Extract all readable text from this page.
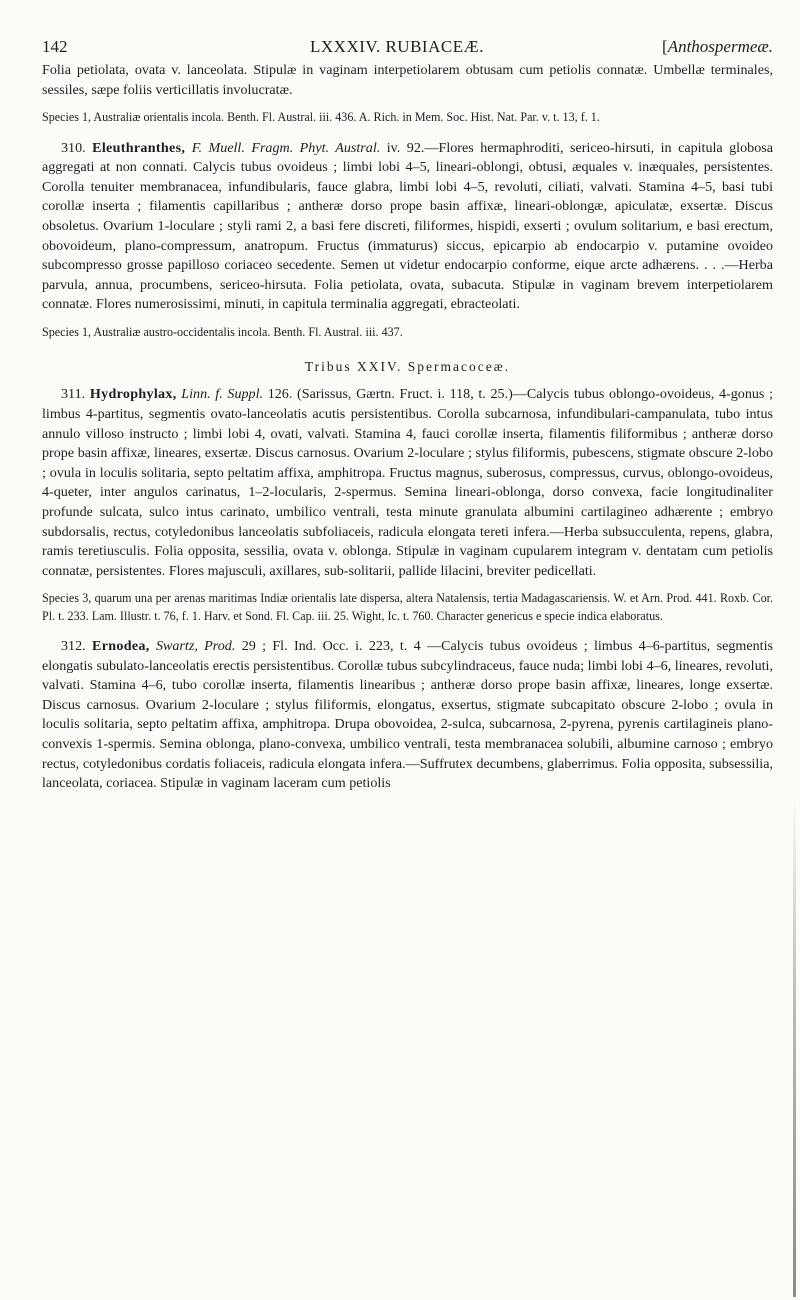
142	LXXXIV. RUBIACEÆ.	[Anthospermeæ.

Folia petiolata, ovata v. lanceolata. Stipulæ in vaginam interpetiolarem obtusam cum petiolis connatæ. Umbellæ terminales, sessiles, sæpe foliis verticillatis involucratæ.

Species 1, Australiæ orientalis incola. Benth. Fl. Austral. iii. 436. A. Rich. in Mem. Soc. Hist. Nat. Par. v. t. 13, f. 1.

310. Eleuthranthes, F. Muell. Fragm. Phyt. Austral. iv. 92.—Flores hermaphroditi, sericeo-hirsuti, in capitula globosa aggregati at non connati. Calycis tubus ovoideus ; limbi lobi 4–5, lineari-oblongi, obtusi, æquales v. inæquales, persistentes. Corolla tenuiter membranacea, infundibularis, fauce glabra, limbi lobi 4–5, revoluti, ciliati, valvati. Stamina 4–5, basi tubi corollæ inserta ; filamentis capillaribus ; antheræ dorso prope basin affixæ, lineari-oblongæ, apiculatæ, exsertæ. Discus obsoletus. Ovarium 1-loculare ; styli rami 2, a basi fere discreti, filiformes, hispidi, exserti ; ovulum solitarium, e basi erectum, obovoideum, plano-compressum, anatropum. Fructus (immaturus) siccus, epicarpio ab endocarpio v. putamine ovoideo subcompresso grosse papilloso coriaceo secedente. Semen ut videtur endocarpio conforme, eique arcte adhærens. . . .—Herba parvula, annua, procumbens, sericeo-hirsuta. Folia petiolata, ovata, subacuta. Stipulæ in vaginam brevem interpetiolarem connatæ. Flores numerosissimi, minuti, in capitula terminalia aggregati, ebracteolati.

Species 1, Australiæ austro-occidentalis incola. Benth. Fl. Austral. iii. 437.

Tribus XXIV. Spermacoceæ.

311. Hydrophylax, Linn. f. Suppl. 126. (Sarissus, Gærtn. Fruct. i. 118, t. 25.)—Calycis tubus oblongo-ovoideus, 4-gonus ; limbus 4-partitus, segmentis ovato-lanceolatis acutis persistentibus. Corolla subcarnosa, infundibulari-campanulata, tubo intus annulo villoso instructo ; limbi lobi 4, ovati, valvati. Stamina 4, fauci corollæ inserta, filamentis filiformibus ; antheræ dorso prope basin affixæ, lineares, exsertæ. Discus carnosus. Ovarium 2-loculare ; stylus filiformis, pubescens, stigmate obscure 2-lobo ; ovula in loculis solitaria, septo peltatim affixa, amphitropa. Fructus magnus, suberosus, compressus, curvus, oblongo-ovoideus, 4-queter, inter angulos carinatus, 1–2-locularis, 2-spermus. Semina lineari-oblonga, dorso convexa, facie longitudinaliter profunde sulcata, sulco intus carinato, umbilico ventrali, testa minute granulata albumini cartilagineo adhærente ; embryo subdorsalis, rectus, cotyledonibus lanceolatis subfoliaceis, radicula elongata tereti infera.—Herba subsucculenta, repens, glabra, ramis teretiusculis. Folia opposita, sessilia, ovata v. oblonga. Stipulæ in vaginam cupularem integram v. dentatam cum petiolis connatæ, persistentes. Flores majusculi, axillares, sub-solitarii, pallide lilacini, breviter pedicellati.

Species 3, quarum una per arenas maritimas Indiæ orientalis late dispersa, altera Natalensis, tertia Madagascariensis. W. et Arn. Prod. 441. Roxb. Cor. Pl. t. 233. Lam. Illustr. t. 76, f. 1. Harv. et Sond. Fl. Cap. iii. 25. Wight, Ic. t. 760. Character genericus e specie indica elaboratus.

312. Ernodea, Swartz, Prod. 29 ; Fl. Ind. Occ. i. 223, t. 4 —Calycis tubus ovoideus ; limbus 4–6-partitus, segmentis elongatis subulato-lanceolatis erectis persistentibus. Corollæ tubus subcylindraceus, fauce nuda; limbi lobi 4–6, lineares, revoluti, valvati. Stamina 4–6, tubo corollæ inserta, filamentis linearibus ; antheræ dorso prope basin affixæ, lineares, longe exsertæ. Discus carnosus. Ovarium 2-loculare ; stylus filiformis, elongatus, exsertus, stigmate subcapitato obscure 2-lobo ; ovula in loculis solitaria, septo peltatim affixa, amphitropa. Drupa obovoidea, 2-sulca, subcarnosa, 2-pyrena, pyrenis cartilagineis plano-convexis 1-spermis. Semina oblonga, plano-convexa, umbilico ventrali, testa membranacea solubili, albumine carnoso ; embryo rectus, cotyledonibus cordatis foliaceis, radicula elongata infera.—Suffrutex decumbens, glaberrimus. Folia opposita, subsessilia, lanceolata, coriacea. Stipulæ in vaginam laceram cum petiolis
